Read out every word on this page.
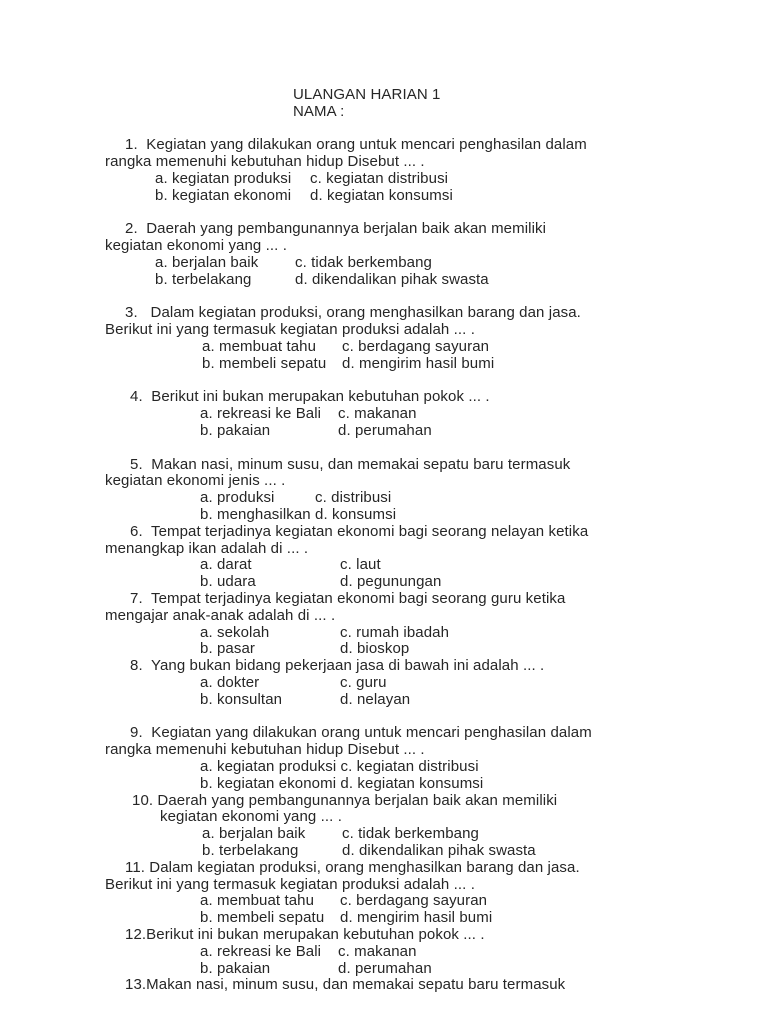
ULANGAN HARIAN 1
NAMA :
1.  Kegiatan yang dilakukan orang untuk mencari penghasilan dalam
rangka memenuhi kebutuhan hidup Disebut ... .
a. kegiatan produksi c. kegiatan distribusi
b. kegiatan ekonomi d. kegiatan konsumsi
2.  Daerah yang pembangunannya berjalan baik akan memiliki
kegiatan ekonomi yang ... .
a. berjalan baik c. tidak berkembang
b. terbelakang	d. dikendalikan pihak swasta
3.   Dalam kegiatan produksi, orang menghasilkan barang dan jasa.
Berikut ini yang termasuk kegiatan produksi adalah ... .
a. membuat tahu c. berdagang sayuran
b. membeli sepatu d. mengirim hasil bumi
4.  Berikut ini bukan merupakan kebutuhan pokok ... .
a. rekreasi ke Bali c. makanan
b. pakaian	d. perumahan
5.  Makan nasi, minum susu, dan memakai sepatu baru termasuk
kegiatan ekonomi jenis ... .
a. produksi	c. distribusi
b. menghasilkan d. konsumsi
6.  Tempat terjadinya kegiatan ekonomi bagi seorang nelayan ketika
menangkap ikan adalah di ... .
a. darat	c. laut
b. udara	d. pegunungan
7.  Tempat terjadinya kegiatan ekonomi bagi seorang guru ketika
mengajar anak-anak adalah di ... .
a. sekolah	c. rumah ibadah
b. pasar	d. bioskop
8.  Yang bukan bidang pekerjaan jasa di bawah ini adalah ... .
a. dokter	c. guru
b. konsultan	d. nelayan
9.  Kegiatan yang dilakukan orang untuk mencari penghasilan dalam
rangka memenuhi kebutuhan hidup Disebut ... .
a. kegiatan produksi c. kegiatan distribusi
b. kegiatan ekonomi d. kegiatan konsumsi
10. Daerah yang pembangunannya berjalan baik akan memiliki
kegiatan ekonomi yang ... .
a. berjalan baik c. tidak berkembang
b. terbelakang	d. dikendalikan pihak swasta
11. Dalam kegiatan produksi, orang menghasilkan barang dan jasa.
Berikut ini yang termasuk kegiatan produksi adalah ... .
a. membuat tahu c. berdagang sayuran
b. membeli sepatu d. mengirim hasil bumi
12.Berikut ini bukan merupakan kebutuhan pokok ... .
a. rekreasi ke Bali c. makanan
b. pakaian	d. perumahan
13.Makan nasi, minum susu, dan memakai sepatu baru termasuk
